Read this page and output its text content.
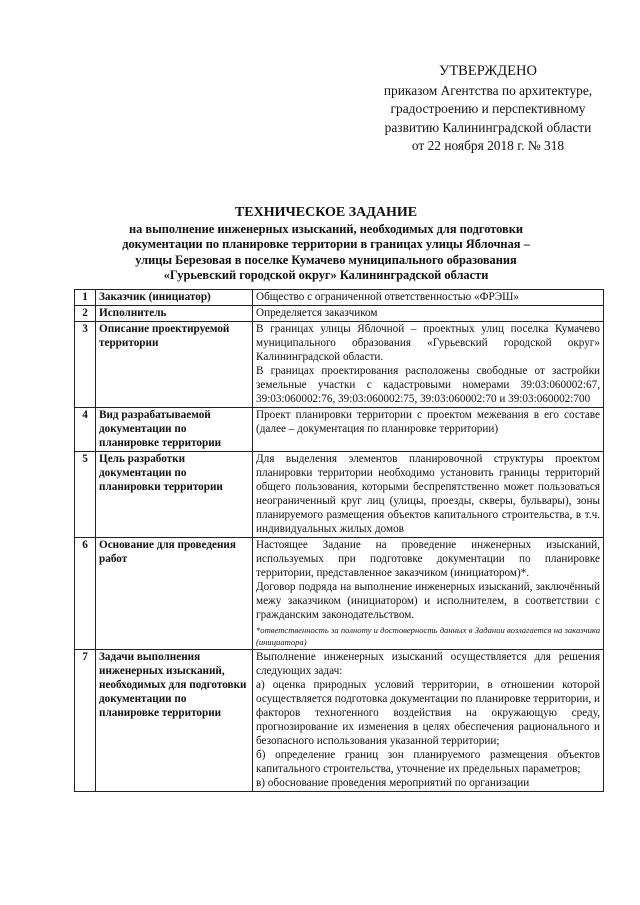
УТВЕРЖДЕНО
приказом Агентства по архитектуре,
градостроению и перспективному
развитию Калининградской области
от 22 ноября 2018 г. № 318
ТЕХНИЧЕСКОЕ ЗАДАНИЕ
на выполнение инженерных изысканий, необходимых для подготовки
документации по планировке территории в границах улицы Яблочная –
улицы Березовая в поселке Кумачево муниципального образования
«Гурьевский городской округ» Калининградской области
1	Заказчик (инициатор)	Общество с ограниченной ответственностью «ФРЭШ»

2	Исполнитель	Определяется заказчиком

3	Описание проектируемой территории	В границах улицы Яблочной – проектных улиц поселка Кумачево муниципального образования «Гурьевский городской округ» Калининградской области.

В границах проектирования расположены свободные от застройки земельные участки с кадастровыми номерами 39:03:060002:67, 39:03:060002:76, 39:03:060002:75, 39:03:060002:70 и 39:03:060002:700

4	Вид разрабатываемой документации по планировке территории	Проект планировки территории с проектом межевания в его составе (далее – документация по планировке территории)

5	Цель разработки документации по планировки территории	Для выделения элементов планировочной структуры проектом планировки территории необходимо установить границы территорий общего пользования, которыми беспрепятственно может пользоваться неограниченный круг лиц (улицы, проезды, скверы, бульвары), зоны планируемого размещения объектов капитального строительства, в т.ч. индивидуальных жилых домов

6	Основание для проведения работ	Настоящее Задание на проведение инженерных изысканий, используемых при подготовке документации по планировке территории, представленное заказчиком (инициатором)*.

Договор подряда на выполнение инженерных изысканий, заключённый межу заказчиком (инициатором) и исполнителем, в соответствии с гражданским законодательством.

*ответственность за полноту и достоверность данных в Задании возлагается на заказчика (инициатора)

7	Задачи выполнения инженерных изысканий, необходимых для подготовки документации по планировке территории	Выполнение инженерных изысканий осуществляется для решения следующих задач:

а) оценка природных условий территории, в отношении которой осуществляется подготовка документации по планировке территории, и факторов техногенного воздействия на окружающую среду, прогнозирование их изменения в целях обеспечения рационального и безопасного использования указанной территории;

б) определение границ зон планируемого размещения объектов капитального строительства, уточнение их предельных параметров;

в) обоснование проведения мероприятий по организации
